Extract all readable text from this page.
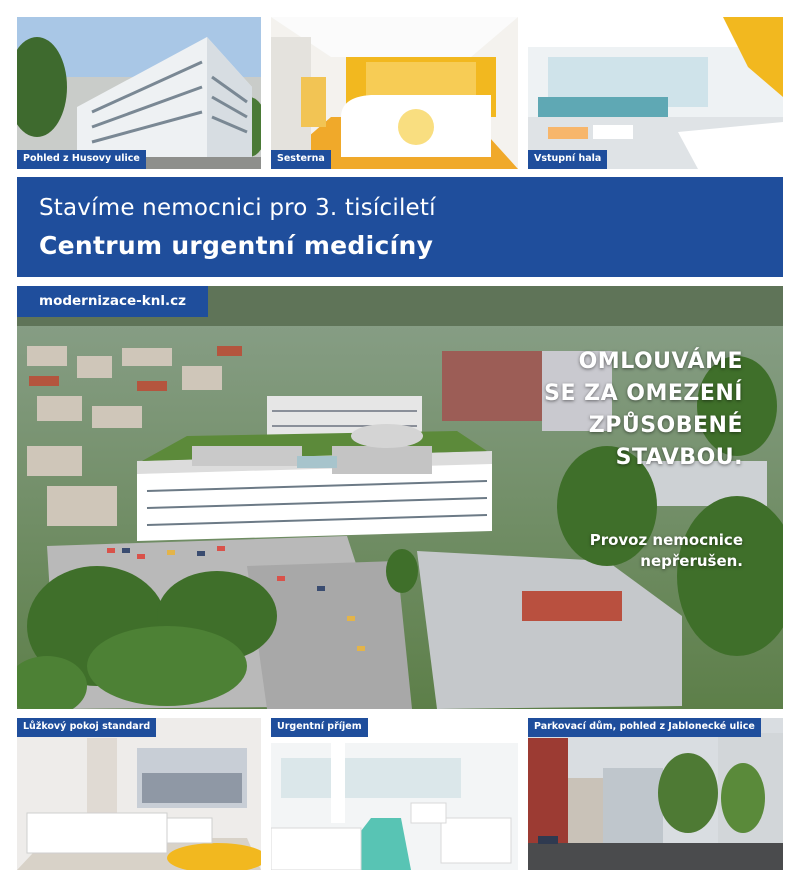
Pohled z Husovy ulice	Sesterna	Vstupní hala
Stavíme nemocnici pro 3. tisíciletí
Centrum urgentní medicíny
modernizace-knl.cz
OMLOUVÁME
SE ZA OMEZENÍ
ZPŮSOBENÉ
STAVBOU.
Provoz nemocnice
nepřerušen.
Lůžkový pokoj standard	Urgentní příjem	Parkovací dům, pohled z Jablonecké ulice
